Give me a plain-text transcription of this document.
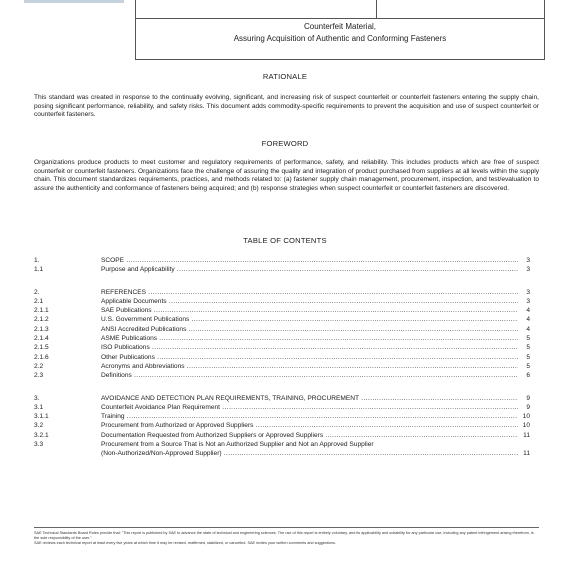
Counterfeit Material,
Assuring Acquisition of Authentic and Conforming Fasteners
RATIONALE
This standard was created in response to the continually evolving, significant, and increasing risk of suspect counterfeit or counterfeit fasteners entering the supply chain, posing significant performance, reliability, and safety risks. This document adds commodity-specific requirements to prevent the acquisition and use of suspect counterfeit or counterfeit fasteners.
FOREWORD
Organizations produce products to meet customer and regulatory requirements of performance, safety, and reliability. This includes products which are free of suspect counterfeit or counterfeit fasteners. Organizations face the challenge of assuring the quality and integration of product purchased from suppliers at all levels within the supply chain. This document standardizes requirements, practices, and methods related to: (a) fastener supply chain management, procurement, inspection, and test/evaluation to assure the authenticity and conformance of fasteners being acquired; and (b) response strategies when suspect counterfeit or counterfeit fasteners are discovered.
TABLE OF CONTENTS
1.	SCOPE .....	3
1.1	Purpose and Applicability .....	3
2.	REFERENCES .....	3
2.1	Applicable Documents .....	3
2.1.1	SAE Publications .....	4
2.1.2	U.S. Government Publications .....	4
2.1.3	ANSI Accredited Publications .....	4
2.1.4	ASME Publications .....	5
2.1.5	ISO Publications .....	5
2.1.6	Other Publications .....	5
2.2	Acronyms and Abbreviations .....	5
2.3	Definitions .....	6
3.	AVOIDANCE AND DETECTION PLAN REQUIREMENTS, TRAINING, PROCUREMENT .....	9
3.1	Counterfeit Avoidance Plan Requirement .....	9
3.1.1	Training .....	10
3.2	Procurement from Authorized or Approved Suppliers .....	10
3.2.1	Documentation Requested from Authorized Suppliers or Approved Suppliers .....	11
3.3	Procurement from a Source That is Not an Authorized Supplier and Not an Approved Supplier
(Non-Authorized/Non-Approved Supplier) .....	11
SAE Technical Standards Board Rules provide that: "This report is published by SAE to advance the state of technical and engineering sciences. The use of this report is entirely voluntary, and its applicability and suitability for any particular use, including any patent infringement arising therefrom, is the sole responsibility of the user."
SAE reviews each technical report at least every five years at which time it may be revised, reaffirmed, stabilized, or cancelled. SAE invites your written comments and suggestions.
